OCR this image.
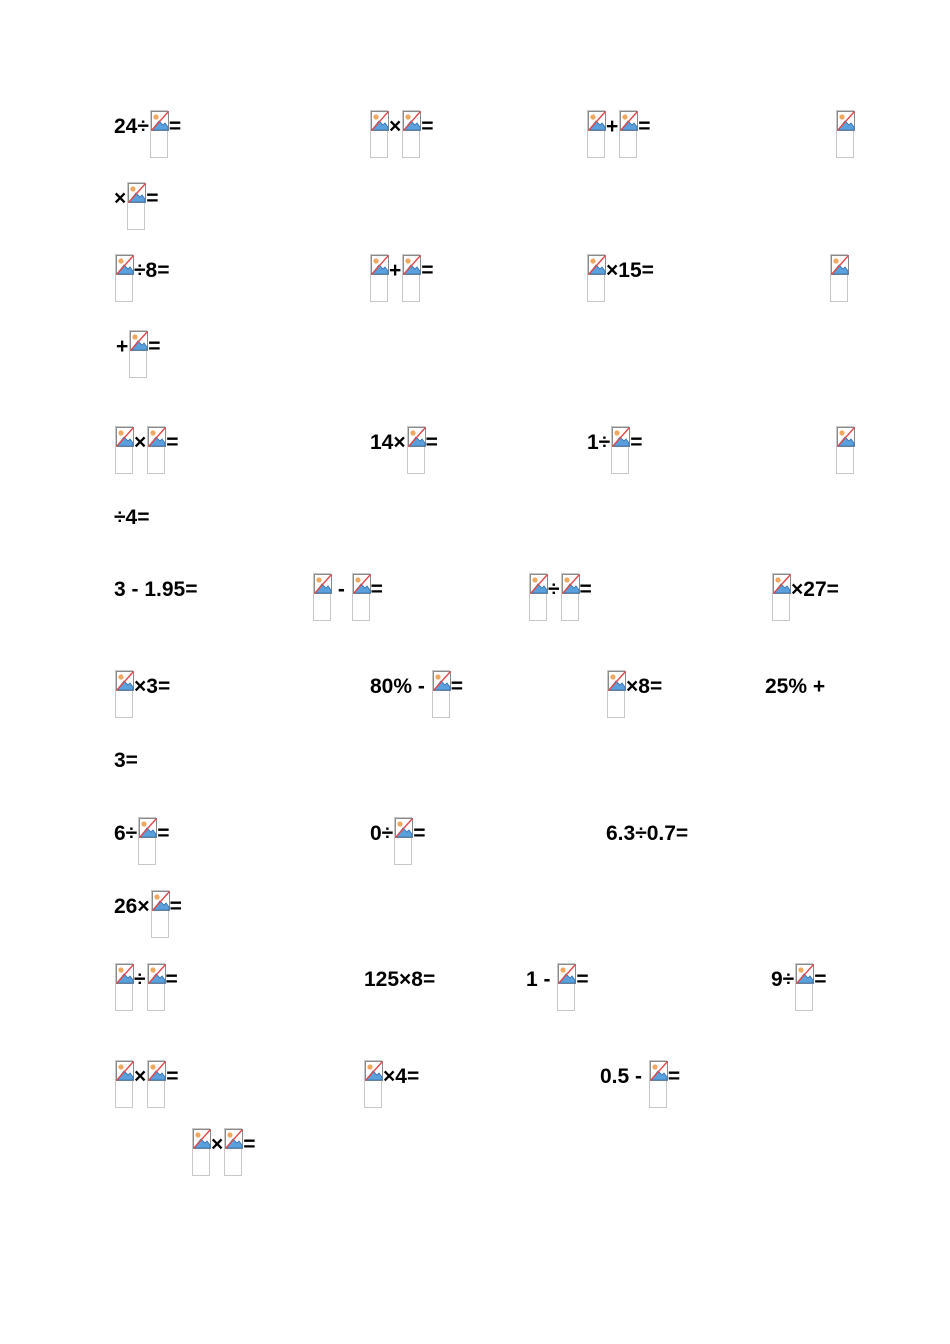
24÷ =	× =	+ =
× =
÷8=	+ =	×15=
+ =
× =	14× =	1÷ =
÷4=
3 - 1.95=	- =	÷ =	×27=
×3=	80% - =	×8=	25% +
3=
6÷ =	0÷ =	6.3÷0.7=
26× =
÷ =	125×8=	1 - =	9÷ =
× =	×4=	0.5 - =
× =
